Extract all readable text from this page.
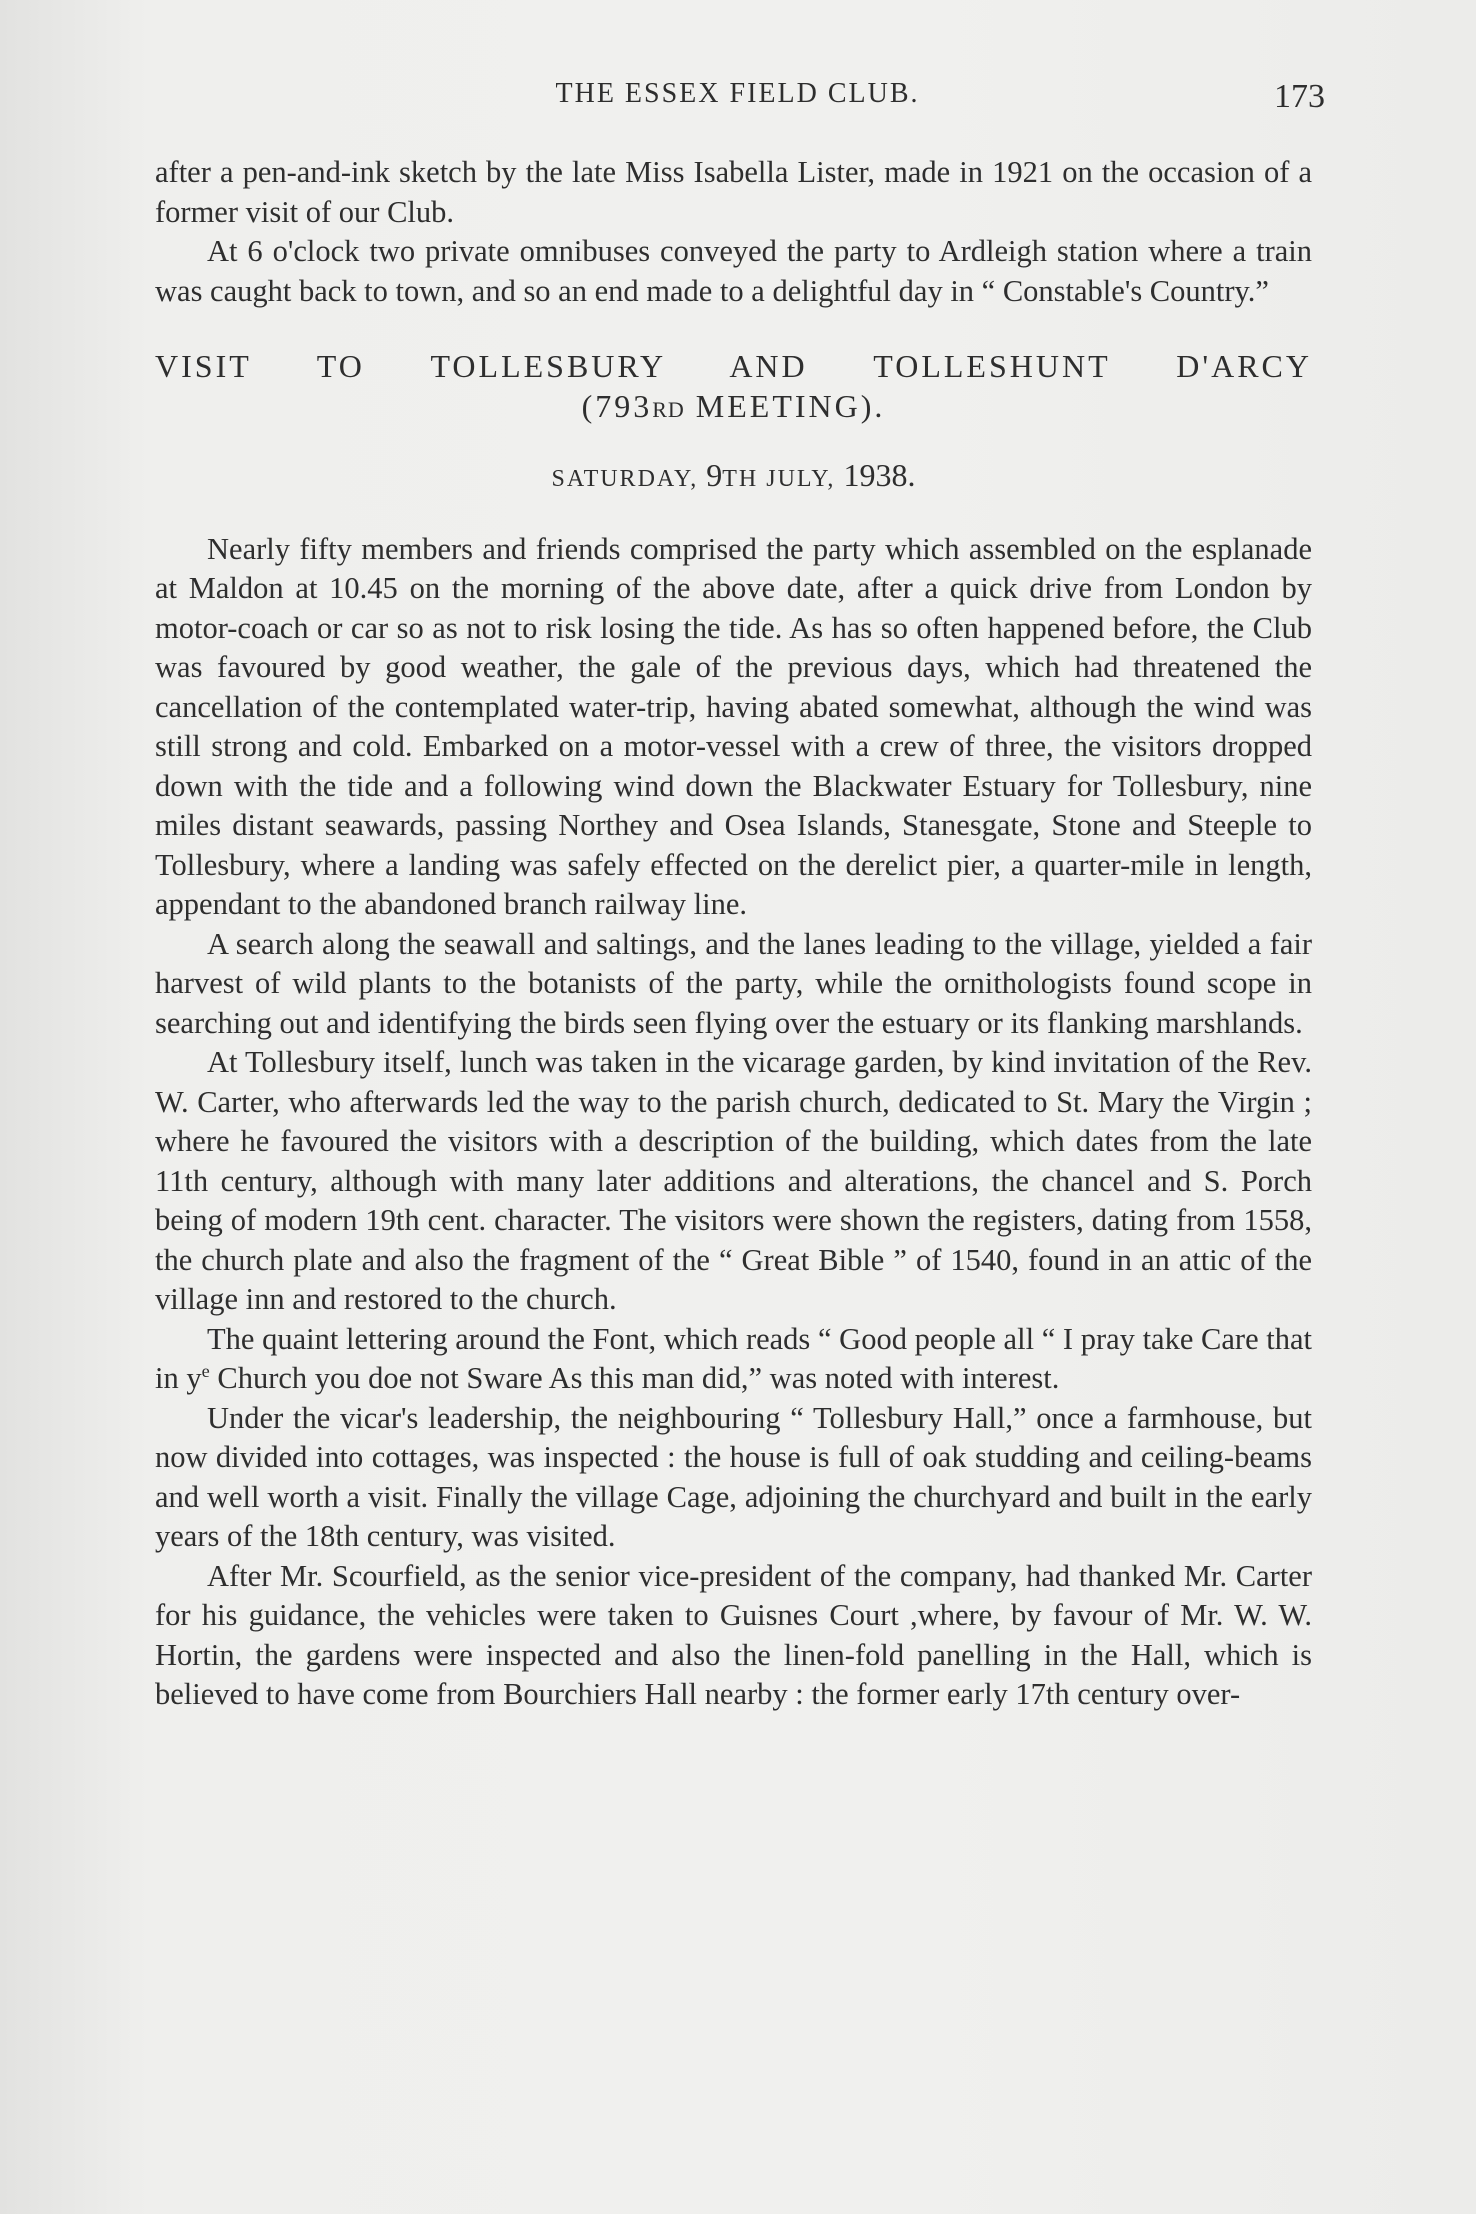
THE ESSEX FIELD CLUB.	173

after a pen-and-ink sketch by the late Miss Isabella Lister, made in 1921 on the occasion of a former visit of our Club.

At 6 o'clock two private omnibuses conveyed the party to Ardleigh station where a train was caught back to town, and so an end made to a delightful day in “ Constable's Country.”

VISIT TO TOLLESBURY AND TOLLESHUNT D'ARCY
(793RD MEETING).
SATURDAY, 9TH JULY, 1938.

Nearly fifty members and friends comprised the party which assembled on the esplanade at Maldon at 10.45 on the morning of the above date, after a quick drive from London by motor-coach or car so as not to risk losing the tide. As has so often happened before, the Club was favoured by good weather, the gale of the previous days, which had threatened the cancellation of the contemplated water-trip, having abated somewhat, although the wind was still strong and cold. Embarked on a motor-vessel with a crew of three, the visitors dropped down with the tide and a following wind down the Blackwater Estuary for Tollesbury, nine miles distant seawards, passing Northey and Osea Islands, Stanesgate, Stone and Steeple to Tollesbury, where a landing was safely effected on the derelict pier, a quarter-mile in length, appendant to the abandoned branch railway line.

A search along the seawall and saltings, and the lanes leading to the village, yielded a fair harvest of wild plants to the botanists of the party, while the ornithologists found scope in searching out and identifying the birds seen flying over the estuary or its flanking marshlands.

At Tollesbury itself, lunch was taken in the vicarage garden, by kind invitation of the Rev. W. Carter, who afterwards led the way to the parish church, dedicated to St. Mary the Virgin ; where he favoured the visitors with a description of the building, which dates from the late 11th century, although with many later additions and alterations, the chancel and S. Porch being of modern 19th cent. character. The visitors were shown the registers, dating from 1558, the church plate and also the fragment of the “ Great Bible ” of 1540, found in an attic of the village inn and restored to the church.

The quaint lettering around the Font, which reads “ Good people all “ I pray take Care that in $y^e$ Church you doe not Sware As this man did,” was noted with interest.

Under the vicar's leadership, the neighbouring “ Tollesbury Hall,” once a farmhouse, but now divided into cottages, was inspected : the house is full of oak studding and ceiling-beams and well worth a visit. Finally the village Cage, adjoining the churchyard and built in the early years of the 18th century, was visited.

After Mr. Scourfield, as the senior vice-president of the company, had thanked Mr. Carter for his guidance, the vehicles were taken to Guisnes Court ,where, by favour of Mr. W. W. Hortin, the gardens were inspected and also the linen-fold panelling in the Hall, which is believed to have come from Bourchiers Hall nearby : the former early 17th century over-
